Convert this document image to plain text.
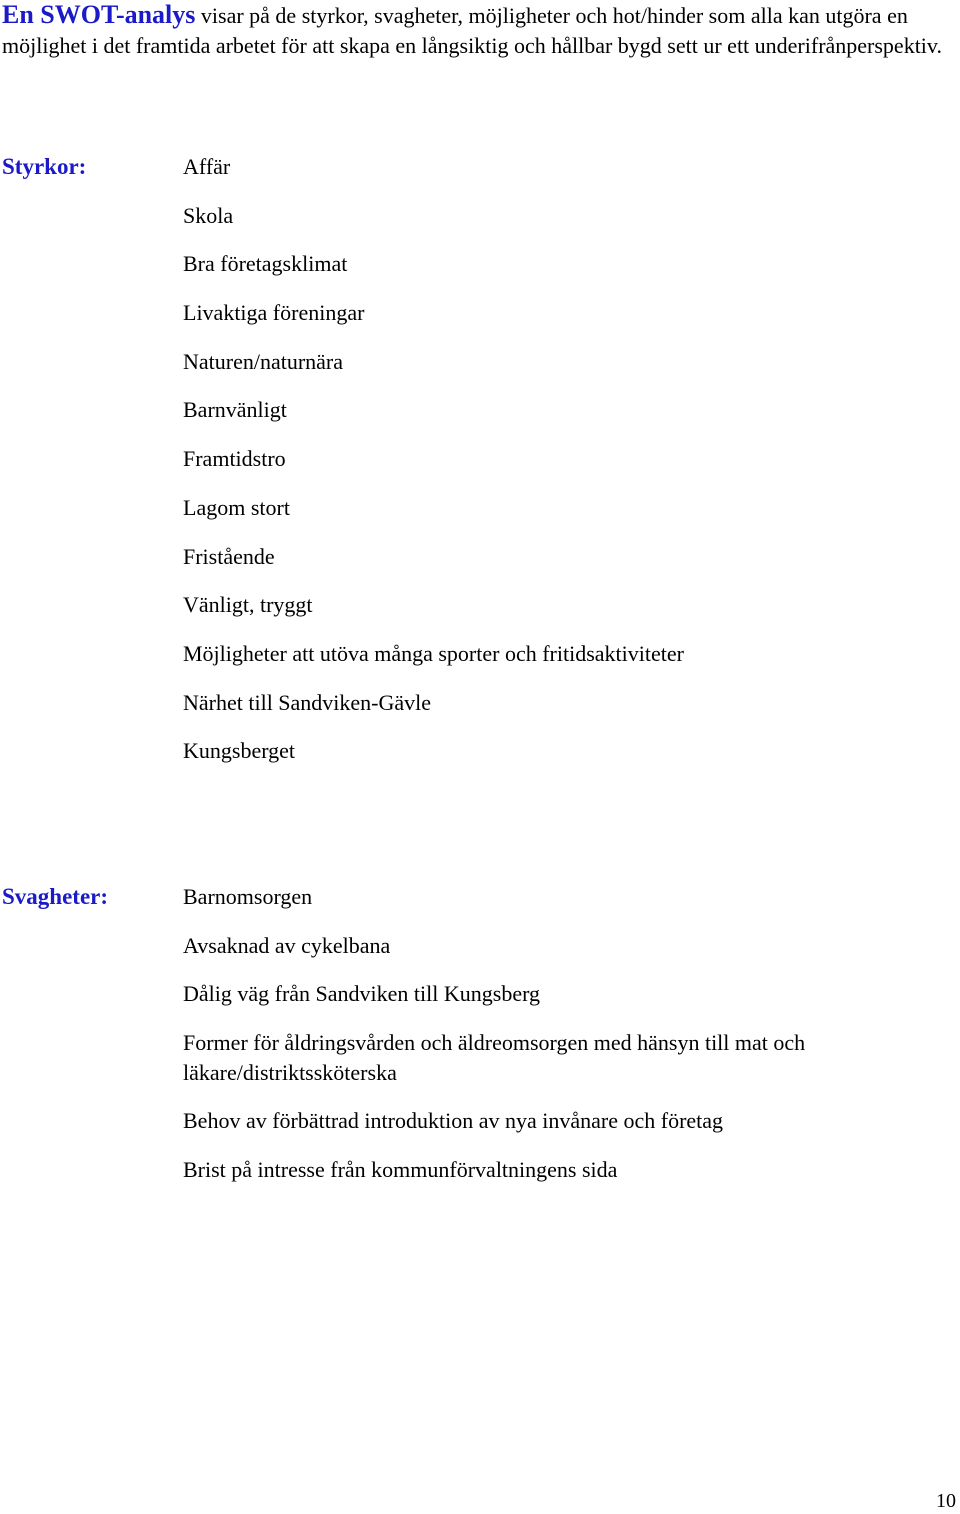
En SWOT-analys visar på de styrkor, svagheter, möjligheter och hot/hinder som alla kan utgöra en möjlighet i det framtida arbetet för att skapa en långsiktig och hållbar bygd sett ur ett underifrånperspektiv.
Styrkor:	Affär
Skola
Bra företagsklimat
Livaktiga föreningar
Naturen/naturnära
Barnvänligt
Framtidstro
Lagom stort
Fristående
Vänligt, tryggt
Möjligheter att utöva många sporter och fritidsaktiviteter
Närhet till Sandviken-Gävle
Kungsberget
Svagheter:	Barnomsorgen
Avsaknad av cykelbana
Dålig väg från Sandviken till Kungsberg
Former för åldringsvården och äldreomsorgen med hänsyn till mat och läkare/distriktssköterska
Behov av förbättrad introduktion av nya invånare och företag
Brist på intresse från kommunförvaltningens sida
10
